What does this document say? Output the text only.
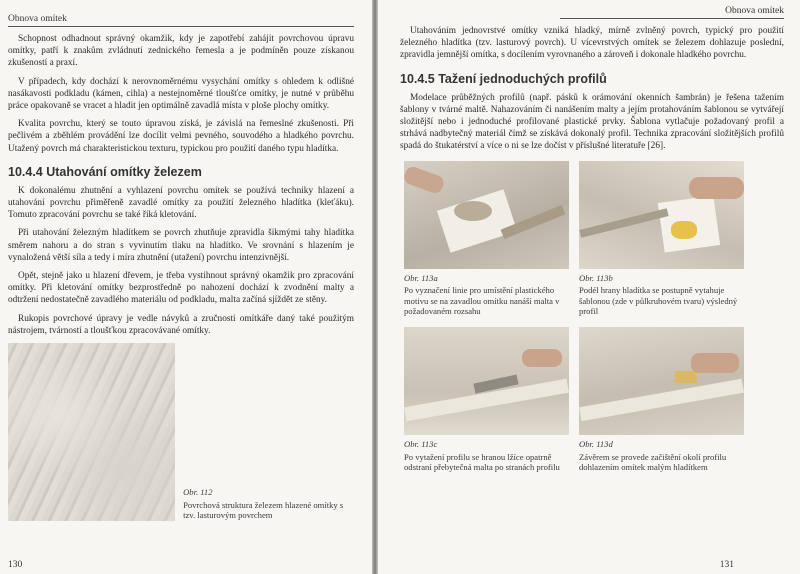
Obnova omítek

Schopnost odhadnout správný okamžik, kdy je zapotřebí zahájit povrchovou úpravu omítky, patří k znakům zvládnutí zednického řemesla a je podmíněn pouze získanou zkušeností a praxí.

V případech, kdy dochází k nerovnoměrnému vysychání omítky s ohledem k odlišné nasákavosti podkladu (kámen, cihla) a nestejnoměrné tloušťce omítky, je nutné v průběhu práce opakovaně se vracet a hladit jen optimálně zavadlá místa v ploše plochy omítky.

Kvalita povrchu, který se touto úpravou získá, je závislá na řemeslné zkušenosti. Při pečlivém a zběhlém provádění lze docílit velmi pevného, souvodého a hladkého povrchu. Utažený povrch má charakteristickou texturu, typickou pro použití daného typu hladítka.

10.4.4 Utahování omítky železem

K dokonalému zhutnění a vyhlazení povrchu omítek se používá techniky hlazení a utahování povrchu přiměřeně zavadlé omítky za použití železného hladítka (kleťáku). Tomuto zpracování povrchu se také říká kletování.

Při utahování železným hladítkem se povrch zhutňuje zpravidla šikmými tahy hladítka směrem nahoru a do stran s vyvinutím tlaku na hladítko. Ve srovnání s hlazením je vynaložená větší síla a tedy i míra zhutnění (utažení) povrchu intenzivnější.

Opět, stejně jako u hlazení dřevem, je třeba vystihnout správný okamžik pro zpracování omítky. Při kletování omítky bezprostředně po nahození dochází k zvodnění malty a odtržení nedostatečně zavadlého materiálu od podkladu, malta začíná sjíždět ze stěny.

Rukopis povrchové úpravy je vedle návyků a zručnosti omítkáře daný také použitým nástrojem, tvárností a tloušťkou zpracovávané omítky.

Obr. 112
Povrchová struktura železem hlazené omítky s tzv. lasturovým povrchem
130
Obnova omítek

Utahováním jednovrstvé omítky vzniká hladký, mírně zvlněný povrch, typický pro použití železného hladítka (tzv. lasturový povrch). U vícevrstvých omítek se železem dohlazuje poslední, zpravidla jemnější omítka, s docílením vyrovnaného a zároveň i dokonale hladkého povrchu.

10.4.5 Tažení jednoduchých profilů

Modelace průběžných profilů (např. pásků k orámování okenních šambrán) je řešena tažením šablony v tvárné maltě. Nahazováním či nanášením malty a jejím protahováním šablonou se vytvářejí složitější nebo i jednoduché profilované plastické prvky. Šablona vytlačuje požadovaný profil a strhává nadbytečný materiál čímž se získává dokonalý profil. Technika zpracování složitějších profilů spadá do štukatérství a více o ni se lze dočíst v příslušné literatuře [26].

Obr. 113a
Po vyznačení linie pro umístění plastického motivu se na zavadlou omítku nanáší malta v požadovaném rozsahu
Obr. 113b
Podél hrany hladítka se postupně vytahuje šablonou (zde v půlkruhovém tvaru) výsledný profil
Obr. 113c
Po vytažení profilu se hranou lžíce opatrně odstraní přebytečná malta po stranách profilu
Obr. 113d
Závěrem se provede začištění okolí profilu dohlazením omítek malým hladítkem
131
